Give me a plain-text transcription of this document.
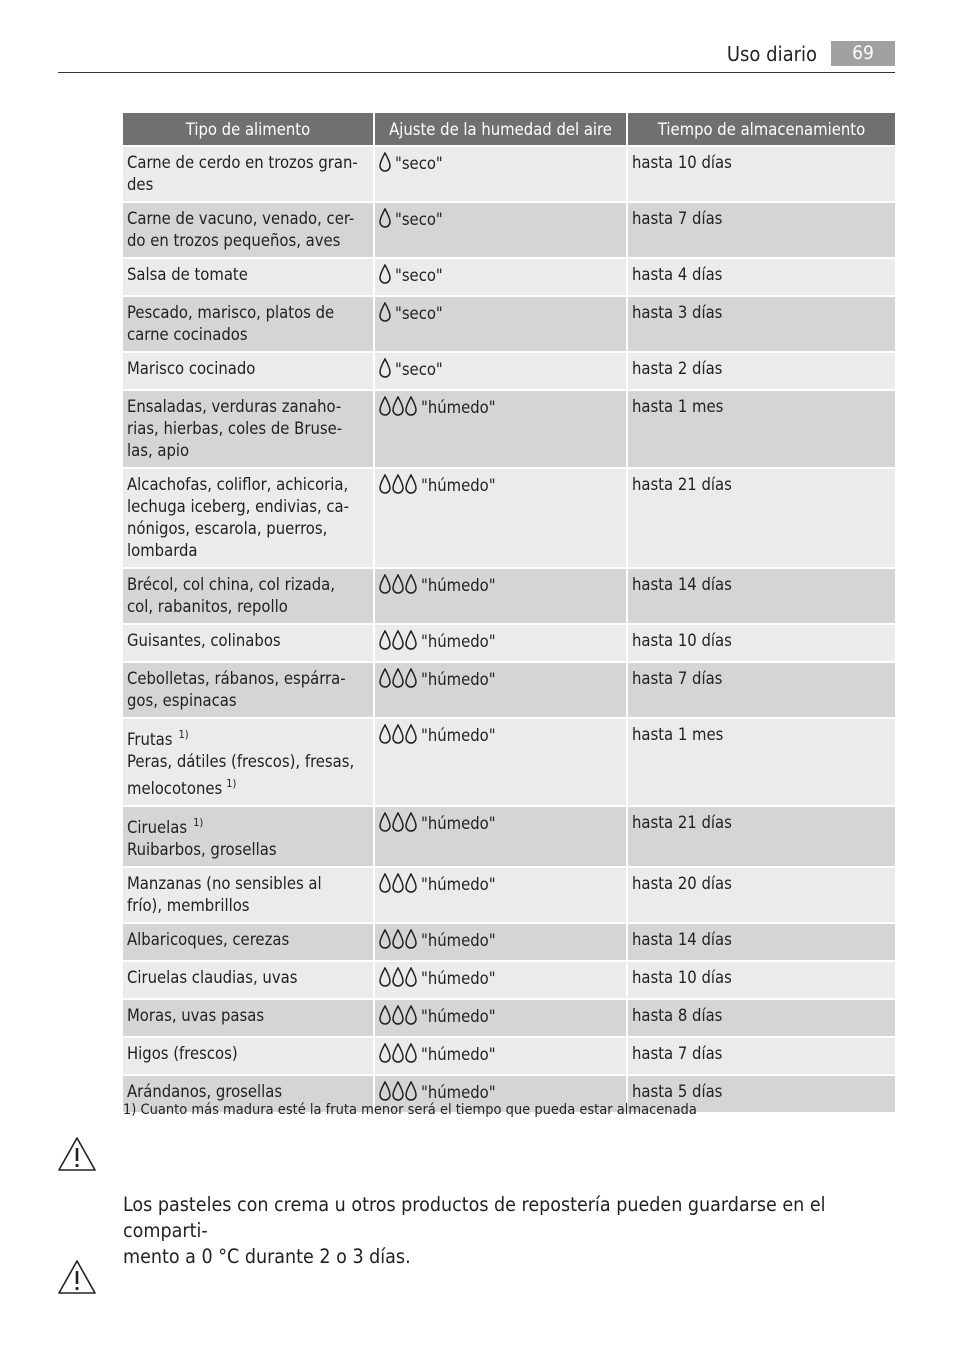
Uso diario	69
Tipo de alimento	Ajuste de la humedad del aire	Tiempo de almacenamiento
Carne de cerdo en trozos gran-
des	"seco"	hasta 10 días
Carne de vacuno, venado, cer-
do en trozos pequeños, aves	"seco"	hasta 7 días
Salsa de tomate	"seco"	hasta 4 días
Pescado, marisco, platos de
carne cocinados	"seco"	hasta 3 días
Marisco cocinado	"seco"	hasta 2 días
Ensaladas, verduras zanaho-
rias, hierbas, coles de Bruse-
las, apio	"húmedo"	hasta 1 mes
Alcachofas, coliflor, achicoria,
lechuga iceberg, endivias, ca-
nónigos, escarola, puerros,
lombarda	"húmedo"	hasta 21 días
Brécol, col china, col rizada,
col, rabanitos, repollo	"húmedo"	hasta 14 días
Guisantes, colinabos	"húmedo"	hasta 10 días
Cebolletas, rábanos, espárra-
gos, espinacas	"húmedo"	hasta 7 días
Frutas $^{1)}$
Peras, dátiles (frescos), fresas,
melocotones $^{1)}$	"húmedo"	hasta 1 mes
Ciruelas $^{1)}$
Ruibarbos, grosellas	"húmedo"	hasta 21 días
Manzanas (no sensibles al
frío), membrillos	"húmedo"	hasta 20 días
Albaricoques, cerezas	"húmedo"	hasta 14 días
Ciruelas claudias, uvas	"húmedo"	hasta 10 días
Moras, uvas pasas	"húmedo"	hasta 8 días
Higos (frescos)	"húmedo"	hasta 7 días
Arándanos, grosellas	"húmedo"	hasta 5 días
1) Cuanto más madura esté la fruta menor será el tiempo que pueda estar almacenada
Los pasteles con crema u otros productos de repostería pueden guardarse en el comparti-
mento a 0 °C durante 2 o 3 días.
